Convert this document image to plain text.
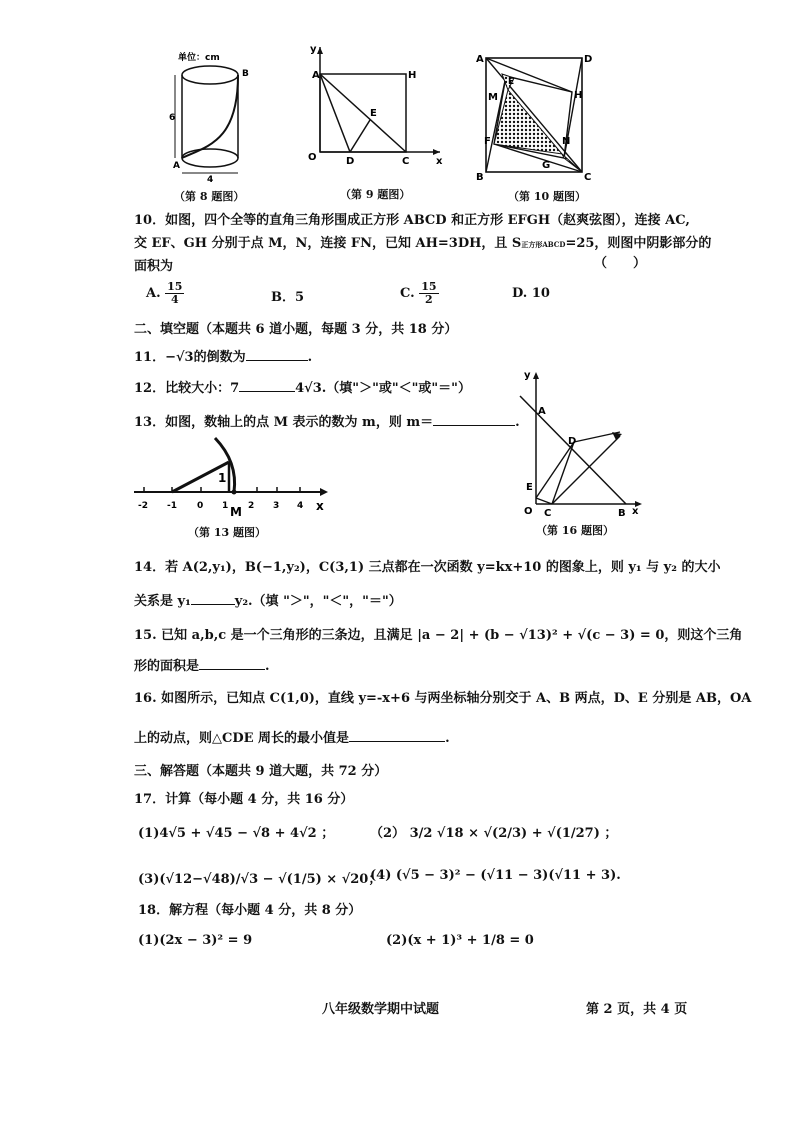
单位：cm
6
B
A
4
（第 8 题图）
y
A	H
E
O	D	C	x
（第 9 题图）
A	D
E
H
M
F	N
G
B	C
（第 10 题图）
10．如图，四个全等的直角三角形围成正方形 ABCD 和正方形 EFGH（赵爽弦图），连接 AC,
交 EF、GH 分别于点 M，N，连接 FN，已知 AH=3DH，且 S正方形ABCD=25，则图中阴影部分的
面积为	（　　）
A. $\frac{15}{4}$	B．5	C. $\frac{15}{2}$	D. 10
二、填空题（本题共 6 道小题，每题 3 分，共 18 分）
11．−√3的倒数为	.
12．比较大小：7	4√3.（填"＞"或"＜"或"＝"）
13．如图，数轴上的点 M 表示的数为 m，则 m＝	.
1
-2 -1 0 1 2 3 4 x
M
（第 13 题图）
y
A
D
E
O C	B x
（第 16 题图）
14．若 A(2,y₁)，B(−1,y₂)，C(3,1) 三点都在一次函数 y=kx+10 的图象上，则 y₁ 与 y₂ 的大小
关系是 y₁	y₂.（填 "＞"，"＜"，"＝"）
15. 已知 a,b,c 是一个三角形的三条边，且满足 |a − 2| + (b − √13)² + √(c − 3) = 0，则这个三角
形的面积是	.
16. 如图所示，已知点 C(1,0)，直线 y=-x+6 与两坐标轴分别交于 A、B 两点，D、E 分别是 AB，OA
上的动点，则△CDE 周长的最小值是	.
三、解答题（本题共 9 道大题，共 72 分）
17．计算（每小题 4 分，共 16 分）
(1)4√5 + √45 − √8 + 4√2 ；	（2） 3/2 √18 × √(2/3) + √(1/27) ；
(3)(√12−√48)/√3 − √(1/5) × √20；
(4) (√5 − 3)² − (√11 − 3)(√11 + 3).
18．解方程（每小题 4 分，共 8 分）
(1)(2x − 3)² = 9	(2)(x + 1)³ + 1/8 = 0
八年级数学期中试题	第 2 页，共 4 页
